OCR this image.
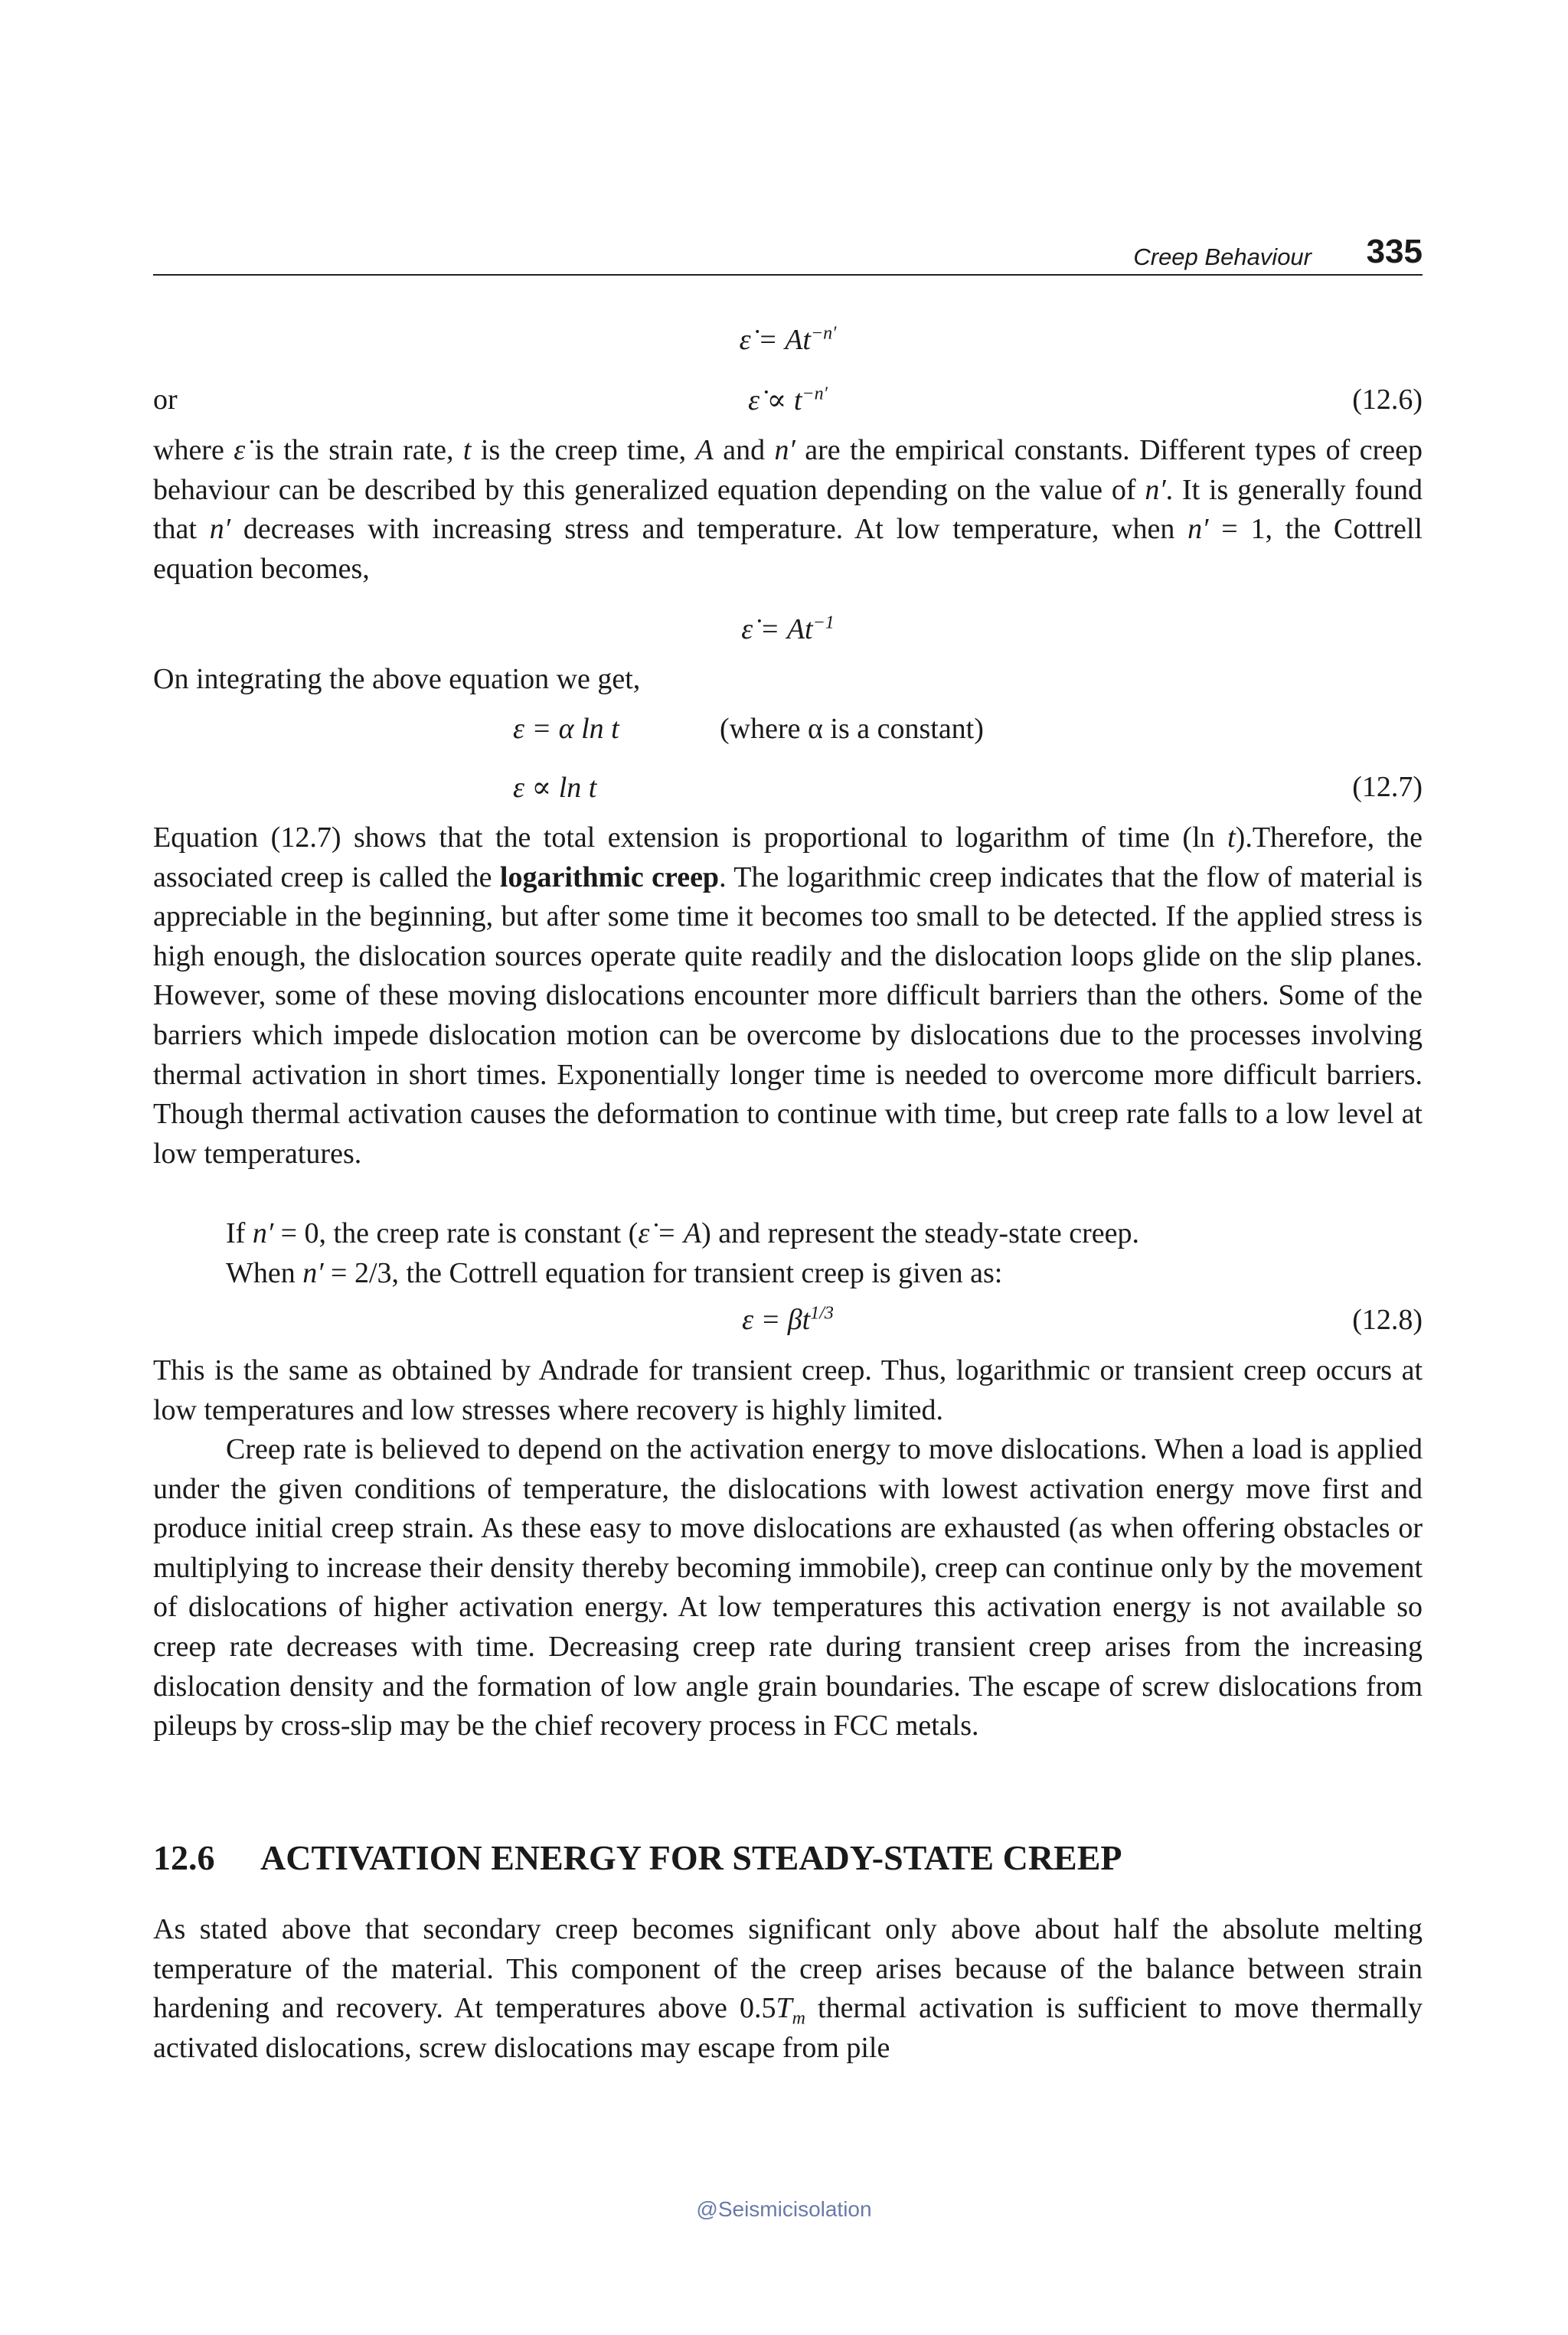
Creep Behaviour 335
ε̇ = $At^{-n'}$
or	ε̇ ∝ $t^{-n'}$	(12.6)

where ε̇ is the strain rate, t is the creep time, A and n′ are the empirical constants. Different types of creep behaviour can be described by this generalized equation depending on the value of n′. It is generally found that n′ decreases with increasing stress and temperature. At low temperature, when n′ = 1, the Cottrell equation becomes,

ε̇ = $At^{-1}$

On integrating the above equation we get,

ε = α ln t	(where α is a constant)
ε ∝ ln t	(12.7)

Equation (12.7) shows that the total extension is proportional to logarithm of time (ln t).Therefore, the associated creep is called the logarithmic creep. The logarithmic creep indicates that the flow of material is appreciable in the beginning, but after some time it becomes too small to be detected. If the applied stress is high enough, the dislocation sources operate quite readily and the dislocation loops glide on the slip planes. However, some of these moving dislocations encounter more difficult barriers than the others. Some of the barriers which impede dislocation motion can be overcome by dislocations due to the processes involving thermal activation in short times. Exponentially longer time is needed to overcome more difficult barriers. Though thermal activation causes the deformation to continue with time, but creep rate falls to a low level at low temperatures.

If n′ = 0, the creep rate is constant (ε̇ = A) and represent the steady-state creep.

When n′ = 2/3, the Cottrell equation for transient creep is given as:

$\varepsilon = \beta t^{1/3}$	(12.8)

This is the same as obtained by Andrade for transient creep. Thus, logarithmic or transient creep occurs at low temperatures and low stresses where recovery is highly limited.

Creep rate is believed to depend on the activation energy to move dislocations. When a load is applied under the given conditions of temperature, the dislocations with lowest activation energy move first and produce initial creep strain. As these easy to move dislocations are exhausted (as when offering obstacles or multiplying to increase their density thereby becoming immobile), creep can continue only by the movement of dislocations of higher activation energy. At low temperatures this activation energy is not available so creep rate decreases with time. Decreasing creep rate during transient creep arises from the increasing dislocation density and the formation of low angle grain boundaries. The escape of screw dislocations from pileups by cross-slip may be the chief recovery process in FCC metals.

12.6 ACTIVATION ENERGY FOR STEADY-STATE CREEP

As stated above that secondary creep becomes significant only above about half the absolute melting temperature of the material. This component of the creep arises because of the balance between strain hardening and recovery. At temperatures above $0.5T_m$ thermal activation is sufficient to move thermally activated dislocations, screw dislocations may escape from pile

@Seismicisolation
